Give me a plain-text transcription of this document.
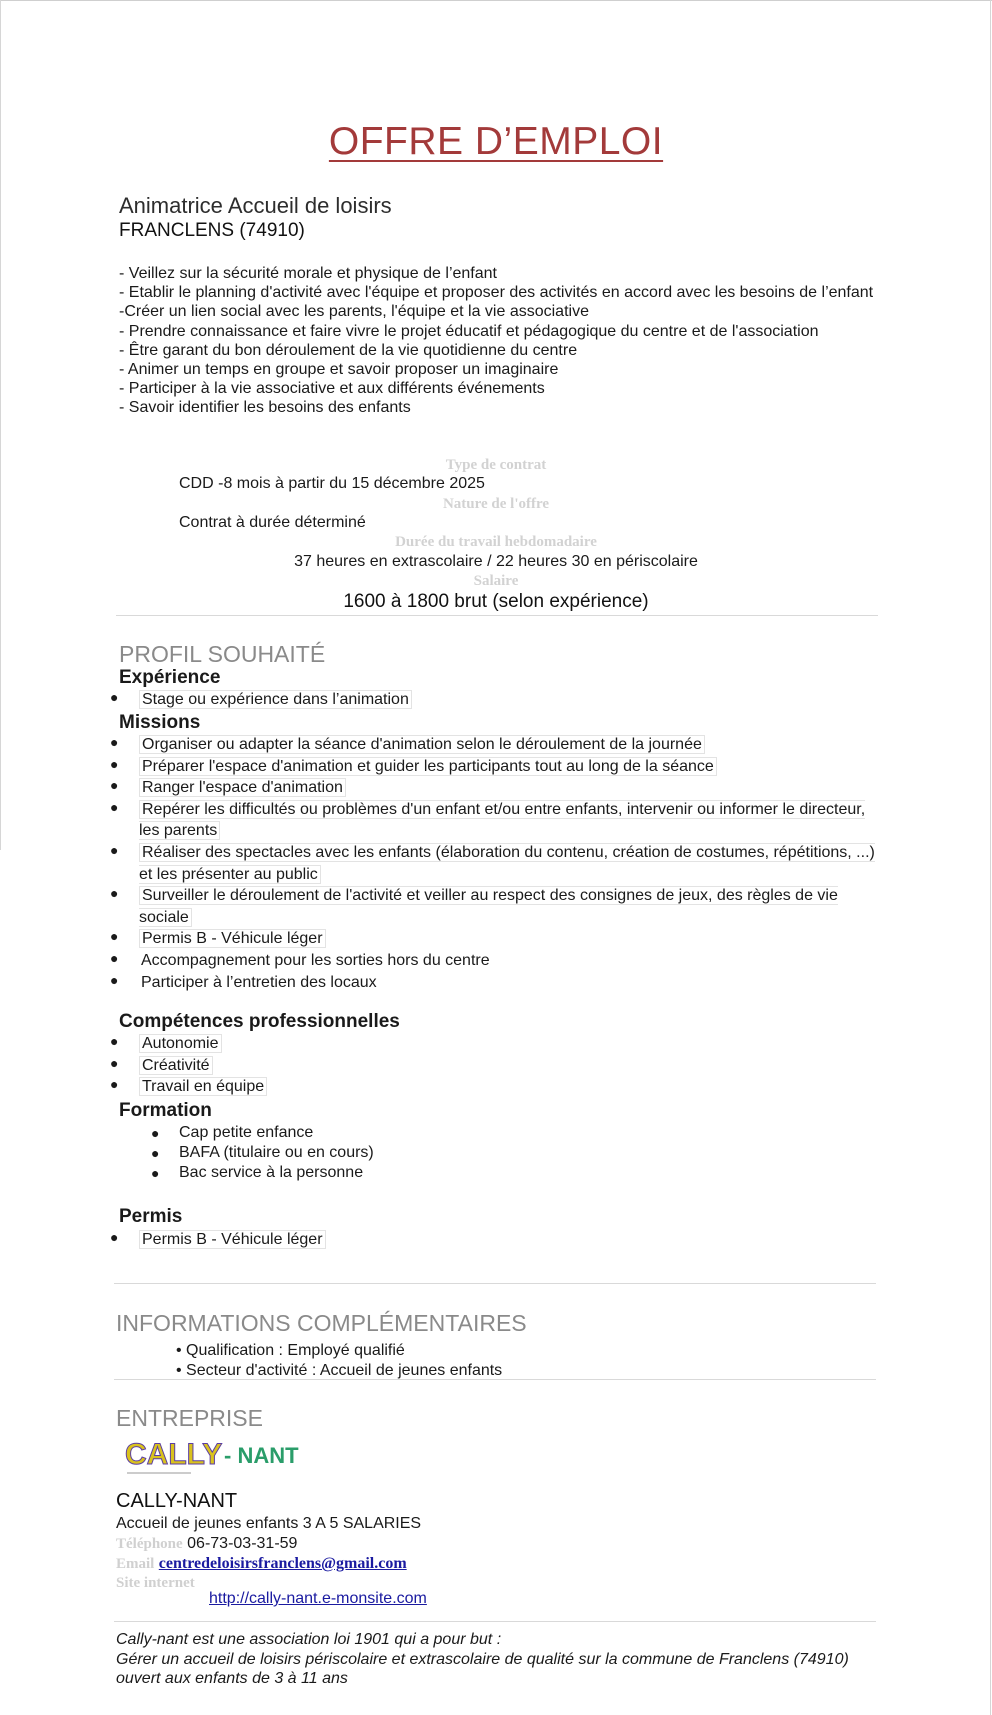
OFFRE D’EMPLOI
Animatrice Accueil de loisirs
FRANCLENS (74910)
- Veillez sur la sécurité morale et physique de l’enfant
- Etablir le planning d'activité avec l'équipe et proposer des activités en accord avec les besoins de l’enfant
-Créer un lien social avec les parents, l'équipe et la vie associative
- Prendre connaissance et faire vivre le projet éducatif et pédagogique du centre et de l'association
- Être garant du bon déroulement de la vie quotidienne du centre
- Animer un temps en groupe et savoir proposer un imaginaire
- Participer à la vie associative et aux différents événements
- Savoir identifier les besoins des enfants
Type de contrat
CDD -8 mois à partir du 15 décembre 2025
Nature de l'offre
Contrat à durée déterminé
Durée du travail hebdomadaire
37 heures en extrascolaire / 22 heures 30 en périscolaire
Salaire
1600 à 1800 brut (selon expérience)
PROFIL SOUHAITÉ
Expérience
● Stage ou expérience dans l’animation
Missions
● Organiser ou adapter la séance d'animation selon le déroulement de la journée
● Préparer l'espace d'animation et guider les participants tout au long de la séance
● Ranger l'espace d'animation
● Repérer les difficultés ou problèmes d'un enfant et/ou entre enfants, intervenir ou informer le directeur, les parents
● Réaliser des spectacles avec les enfants (élaboration du contenu, création de costumes, répétitions, ...) et les présenter au public
● Surveiller le déroulement de l'activité et veiller au respect des consignes de jeux, des règles de vie sociale
● Permis B - Véhicule léger
● Accompagnement pour les sorties hors du centre
● Participer à l’entretien des locaux
Compétences professionnelles
● Autonomie
● Créativité
● Travail en équipe
Formation
● Cap petite enfance
● BAFA (titulaire ou en cours)
● Bac service à la personne
Permis
● Permis B - Véhicule léger
INFORMATIONS COMPLÉMENTAIRES
• Qualification : Employé qualifié
• Secteur d'activité : Accueil de jeunes enfants
ENTREPRISE
CALLY - NANT
CALLY-NANT
Accueil de jeunes enfants 3 A 5 SALARIES
Téléphone 06-73-03-31-59
Email centredeloisirsfranclens@gmail.com
Site internet
http://cally-nant.e-monsite.com
Cally-nant est une association loi 1901 qui a pour but :
Gérer un accueil de loisirs périscolaire et extrascolaire de qualité sur la commune de Franclens (74910) ouvert aux enfants de 3 à 11 ans
